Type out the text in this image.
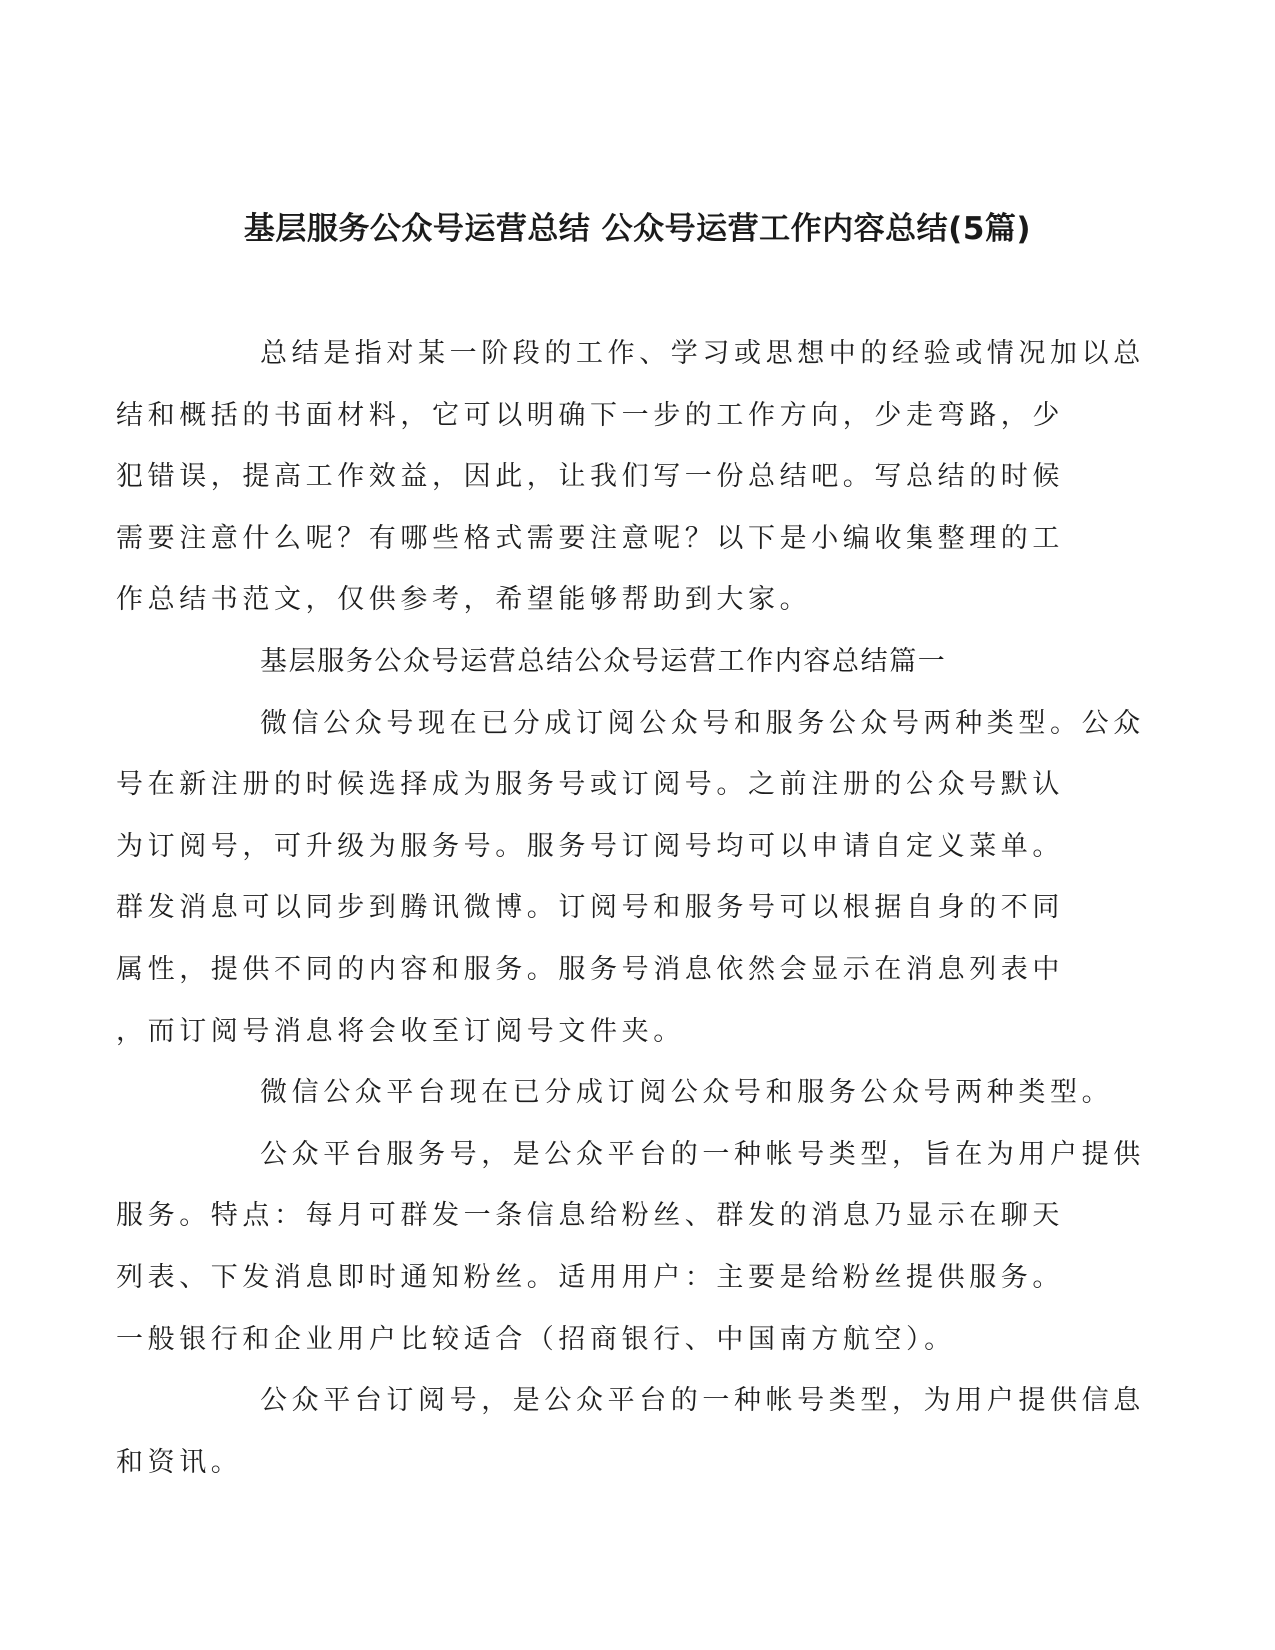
基层服务公众号运营总结 公众号运营工作内容总结(5篇)

总结是指对某一阶段的工作、学习或思想中的经验或情况加以总
结和概括的书面材料，它可以明确下一步的工作方向，少走弯路，少
犯错误，提高工作效益，因此，让我们写一份总结吧。写总结的时候
需要注意什么呢？有哪些格式需要注意呢？以下是小编收集整理的工
作总结书范文，仅供参考，希望能够帮助到大家。

基层服务公众号运营总结公众号运营工作内容总结篇一

微信公众号现在已分成订阅公众号和服务公众号两种类型。公众
号在新注册的时候选择成为服务号或订阅号。之前注册的公众号默认
为订阅号，可升级为服务号。服务号订阅号均可以申请自定义菜单。
群发消息可以同步到腾讯微博。订阅号和服务号可以根据自身的不同
属性，提供不同的内容和服务。服务号消息依然会显示在消息列表中
，而订阅号消息将会收至订阅号文件夹。

微信公众平台现在已分成订阅公众号和服务公众号两种类型。

公众平台服务号，是公众平台的一种帐号类型，旨在为用户提供
服务。特点：每月可群发一条信息给粉丝、群发的消息乃显示在聊天
列表、下发消息即时通知粉丝。适用用户：主要是给粉丝提供服务。
一般银行和企业用户比较适合（招商银行、中国南方航空）。

公众平台订阅号，是公众平台的一种帐号类型，为用户提供信息
和资讯。
